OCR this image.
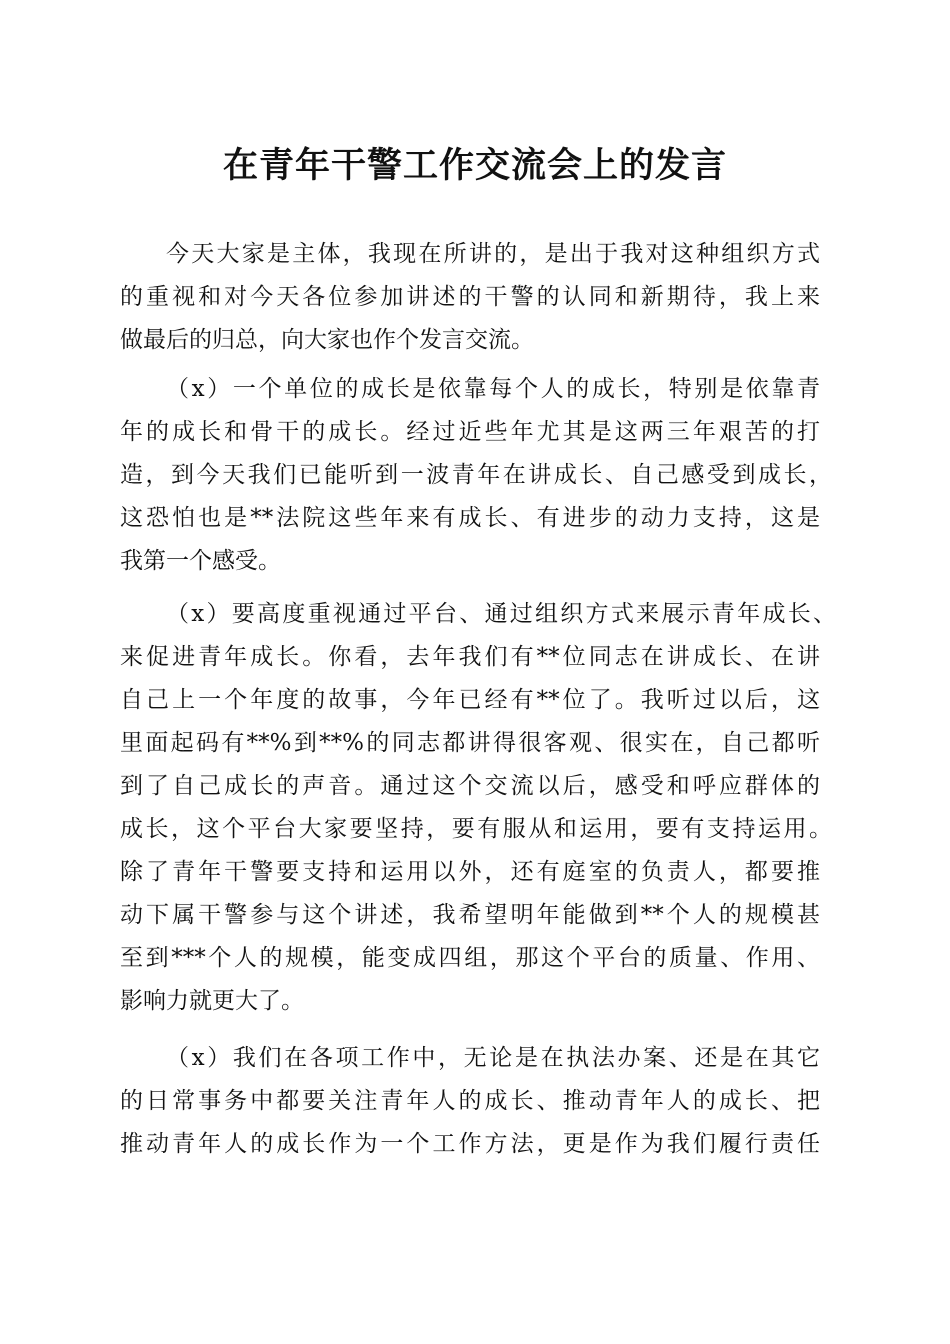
在青年干警工作交流会上的发言
今天大家是主体，我现在所讲的，是出于我对这种组织方式
的重视和对今天各位参加讲述的干警的认同和新期待，我上来
做最后的归总，向大家也作个发言交流。
（x）一个单位的成长是依靠每个人的成长，特别是依靠青
年的成长和骨干的成长。经过近些年尤其是这两三年艰苦的打
造，到今天我们已能听到一波青年在讲成长、自己感受到成长，
这恐怕也是**法院这些年来有成长、有进步的动力支持，这是
我第一个感受。
（x）要高度重视通过平台、通过组织方式来展示青年成长、
来促进青年成长。你看，去年我们有**位同志在讲成长、在讲
自己上一个年度的故事，今年已经有**位了。我听过以后，这
里面起码有**%到**%的同志都讲得很客观、很实在，自己都听
到了自己成长的声音。通过这个交流以后，感受和呼应群体的
成长，这个平台大家要坚持，要有服从和运用，要有支持运用。
除了青年干警要支持和运用以外，还有庭室的负责人，都要推
动下属干警参与这个讲述，我希望明年能做到**个人的规模甚
至到***个人的规模，能变成四组，那这个平台的质量、作用、
影响力就更大了。
（x）我们在各项工作中，无论是在执法办案、还是在其它
的日常事务中都要关注青年人的成长、推动青年人的成长、把
推动青年人的成长作为一个工作方法，更是作为我们履行责任
